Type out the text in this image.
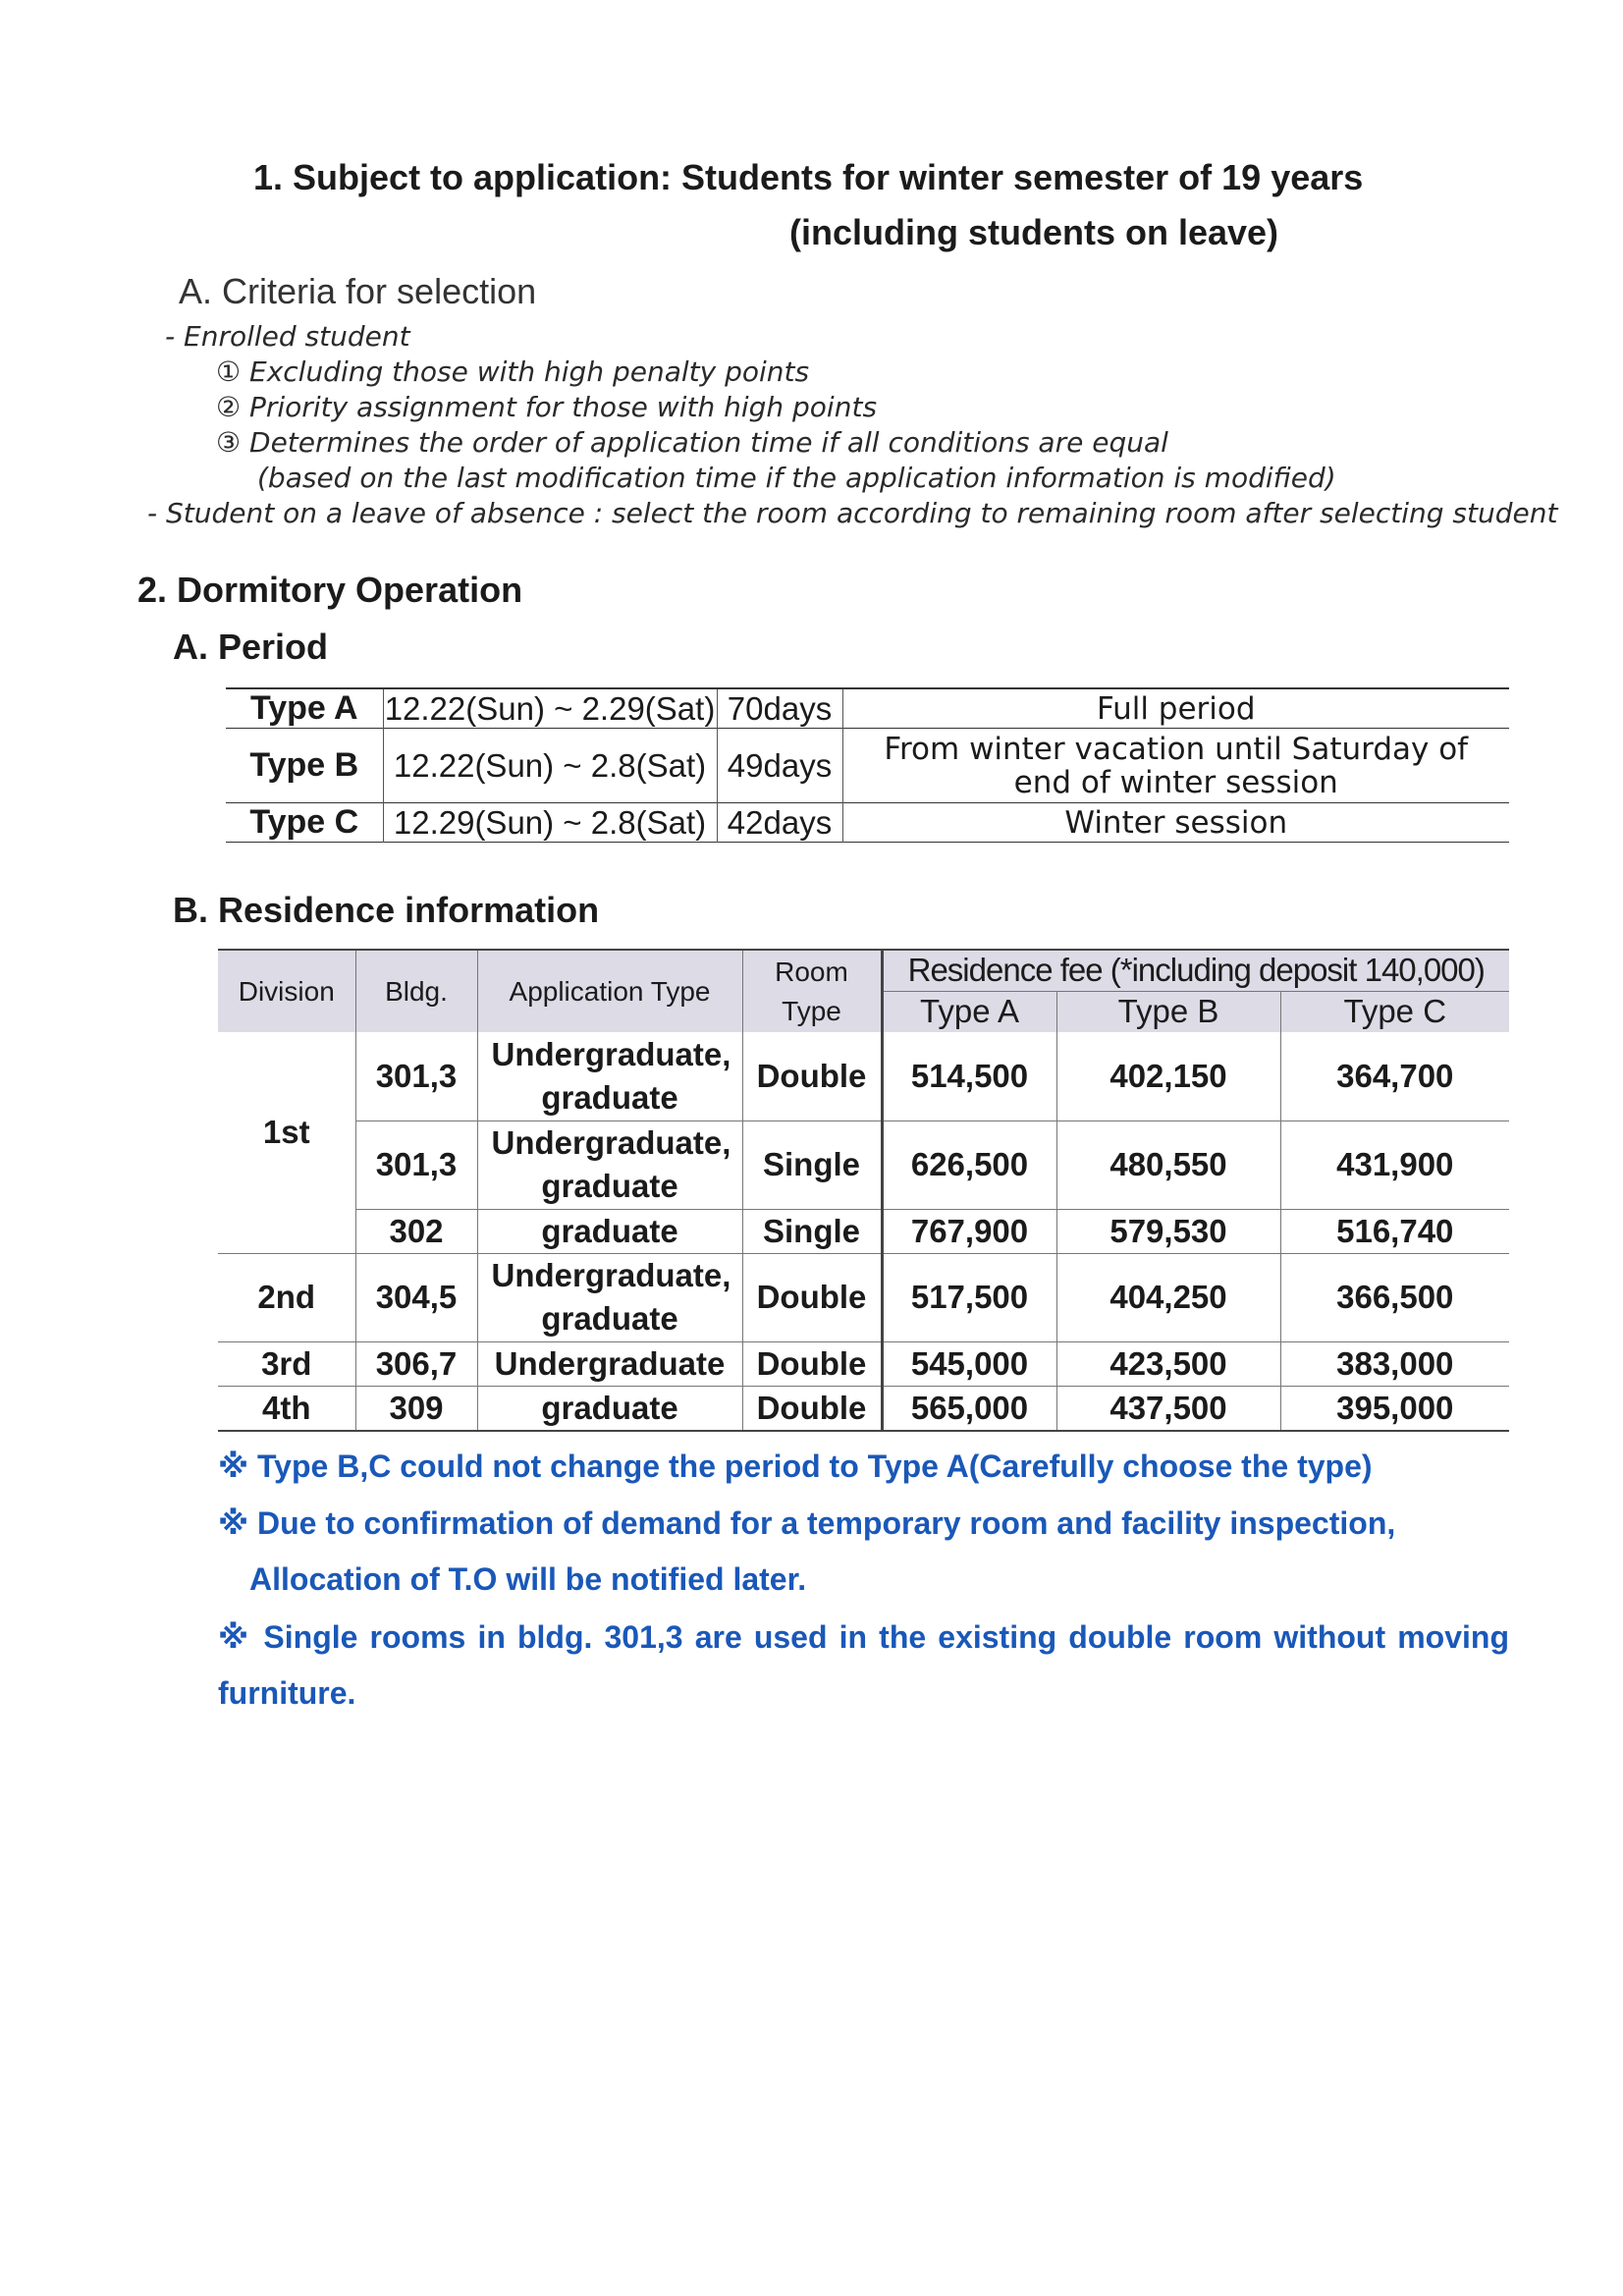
1. Subject to application: Students for winter semester of 19 years
(including students on leave)
A. Criteria for selection
- Enrolled student
① Excluding those with high penalty points
② Priority assignment for those with high points
③ Determines the order of application time if all conditions are equal
(based on the last modification time if the application information is modified)
- Student on a leave of absence : select the room according to remaining room after selecting student
2. Dormitory Operation
A. Period
Type A	12.22(Sun) ~ 2.29(Sat)	70days	Full period
Type B	12.22(Sun) ~ 2.8(Sat)	49days	From winter vacation until Saturday of end of winter session
Type C	12.29(Sun) ~ 2.8(Sat)	42days	Winter session
B. Residence information
Division	Bldg.	Application Type	Room Type	Residence fee (*including deposit 140,000)		
				Type A	Type B	Type C
1st	301,3	Undergraduate, graduate	Double	514,500	402,150	364,700
	301,3	Undergraduate, graduate	Single	626,500	480,550	431,900
	302	graduate	Single	767,900	579,530	516,740
2nd	304,5	Undergraduate, graduate	Double	517,500	404,250	366,500
3rd	306,7	Undergraduate	Double	545,000	423,500	383,000
4th	309	graduate	Double	565,000	437,500	395,000
※ Type B,C could not change the period to Type A(Carefully choose the type)
※ Due to confirmation of demand for a temporary room and facility inspection,
Allocation of T.O will be notified later.
※ Single rooms in bldg. 301,3 are used in the existing double room without moving
furniture.
